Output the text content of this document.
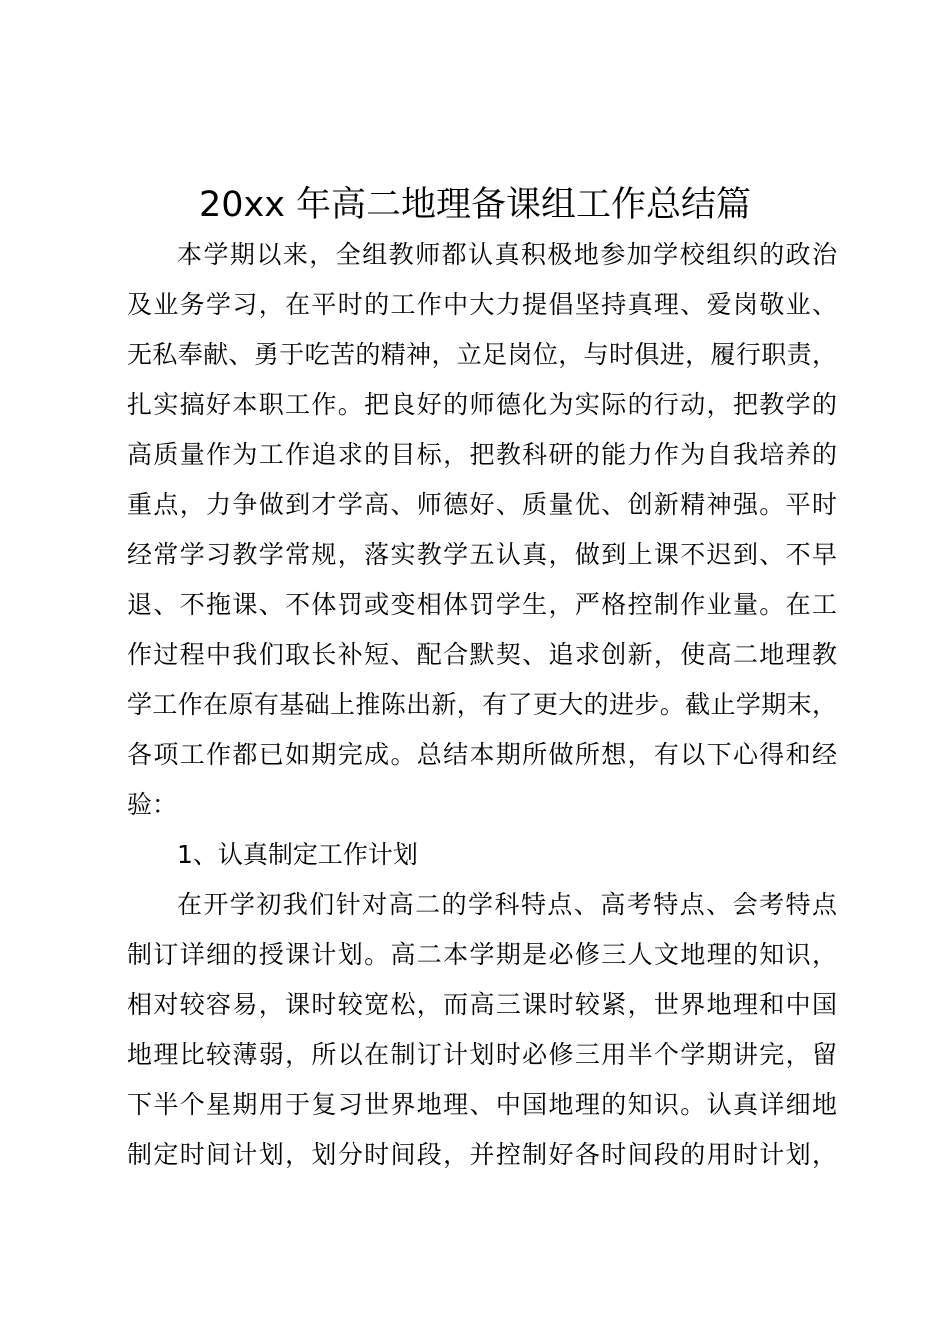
20xx 年高二地理备课组工作总结篇
本学期以来，全组教师都认真积极地参加学校组织的政治
及业务学习，在平时的工作中大力提倡坚持真理、爱岗敬业、
无私奉献、勇于吃苦的精神，立足岗位，与时俱进，履行职责，
扎实搞好本职工作。把良好的师德化为实际的行动，把教学的
高质量作为工作追求的目标，把教科研的能力作为自我培养的
重点，力争做到才学高、师德好、质量优、创新精神强。平时
经常学习教学常规，落实教学五认真，做到上课不迟到、不早
退、不拖课、不体罚或变相体罚学生，严格控制作业量。在工
作过程中我们取长补短、配合默契、追求创新，使高二地理教
学工作在原有基础上推陈出新，有了更大的进步。截止学期末，
各项工作都已如期完成。总结本期所做所想，有以下心得和经
验：
1、认真制定工作计划
在开学初我们针对高二的学科特点、高考特点、会考特点
制订详细的授课计划。高二本学期是必修三人文地理的知识，
相对较容易，课时较宽松，而高三课时较紧，世界地理和中国
地理比较薄弱，所以在制订计划时必修三用半个学期讲完，留
下半个星期用于复习世界地理、中国地理的知识。认真详细地
制定时间计划，划分时间段，并控制好各时间段的用时计划，
